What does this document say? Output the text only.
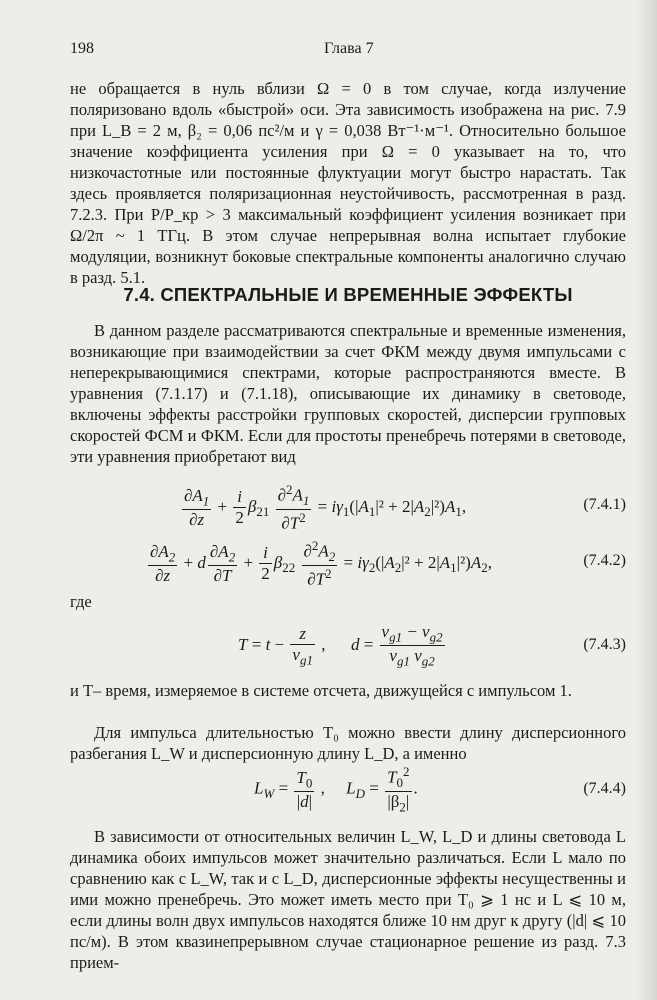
198	Глава 7

не обращается в нуль вблизи Ω = 0 в том случае, когда излучение поляризовано вдоль «быстрой» оси. Эта зависимость изображена на рис. 7.9 при L_B = 2 м, β₂ = 0,06 пс²/м и γ = 0,038 Вт⁻¹·м⁻¹. Относительно большое значение коэффициента усиления при Ω = 0 указывает на то, что низкочастотные или постоянные флуктуации могут быстро нарастать. Так здесь проявляется поляризационная неустойчивость, рассмотренная в разд. 7.2.3. При P/P_кр > 3 максимальный коэффициент усиления возникает при Ω/2π ~ 1 ТГц. В этом случае непрерывная волна испытает глубокие модуляции, возникнут боковые спектральные компоненты аналогично случаю в разд. 5.1.

7.4. СПЕКТРАЛЬНЫЕ И ВРЕМЕННЫЕ ЭФФЕКТЫ

В данном разделе рассматриваются спектральные и временные изменения, возникающие при взаимодействии за счет ФКМ между двумя импульсами с неперекрывающимися спектрами, которые распространяются вместе. В уравнения (7.1.17) и (7.1.18), описывающие их динамику в световоде, включены эффекты расстройки групповых скоростей, дисперсии групповых скоростей ФСМ и ФКМ. Если для простоты пренебречь потерями в световоде, эти уравнения приобретают вид

$\frac{\partial A_1}{\partial z} + \frac{i}{2} \beta_{21} \frac{\partial^2A_1}{\partial T^2} = i\gamma_1(|A_1|^2 + 2|A_2|^2)A_1$,	(7.4.1)
$\frac{\partial A_2}{\partial z} + d \frac{\partial A_2}{\partial T} + \frac{i}{2} \beta_{22} \frac{\partial^2A_2}{\partial T^2} = i\gamma_2(|A_2|^2 + 2|A_1|^2)A_2$,	(7.4.2)
где
$T = t - \frac{z}{v_{g1}}$ ,      $d = \frac{v_{g1} - v_{g2}}{v_{g1} v_{g2}}$	(7.4.3)

и T– время, измеряемое в системе отсчета, движущейся с импульсом 1.

Для импульса длительностью T₀ можно ввести длину дисперсионного разбегания L_W и дисперсионную длину L_D, а именно

$L_W = \frac{T_0}{|d|}$ ,     $L_D = \frac{T_0^2}{|\beta_2|}$ .	(7.4.4)

В зависимости от относительных величин L_W, L_D и длины световода L динамика обоих импульсов может значительно различаться. Если L мало по сравнению как с L_W, так и с L_D, дисперсионные эффекты несущественны и ими можно пренебречь. Это может иметь место при T₀ ⩾ 1 нс и L ⩽ 10 м, если длины волн двух импульсов находятся ближе 10 нм друг к другу (|d| ⩽ 10 пс/м). В этом квазинепрерывном случае стационарное решение из разд. 7.3 прием-
